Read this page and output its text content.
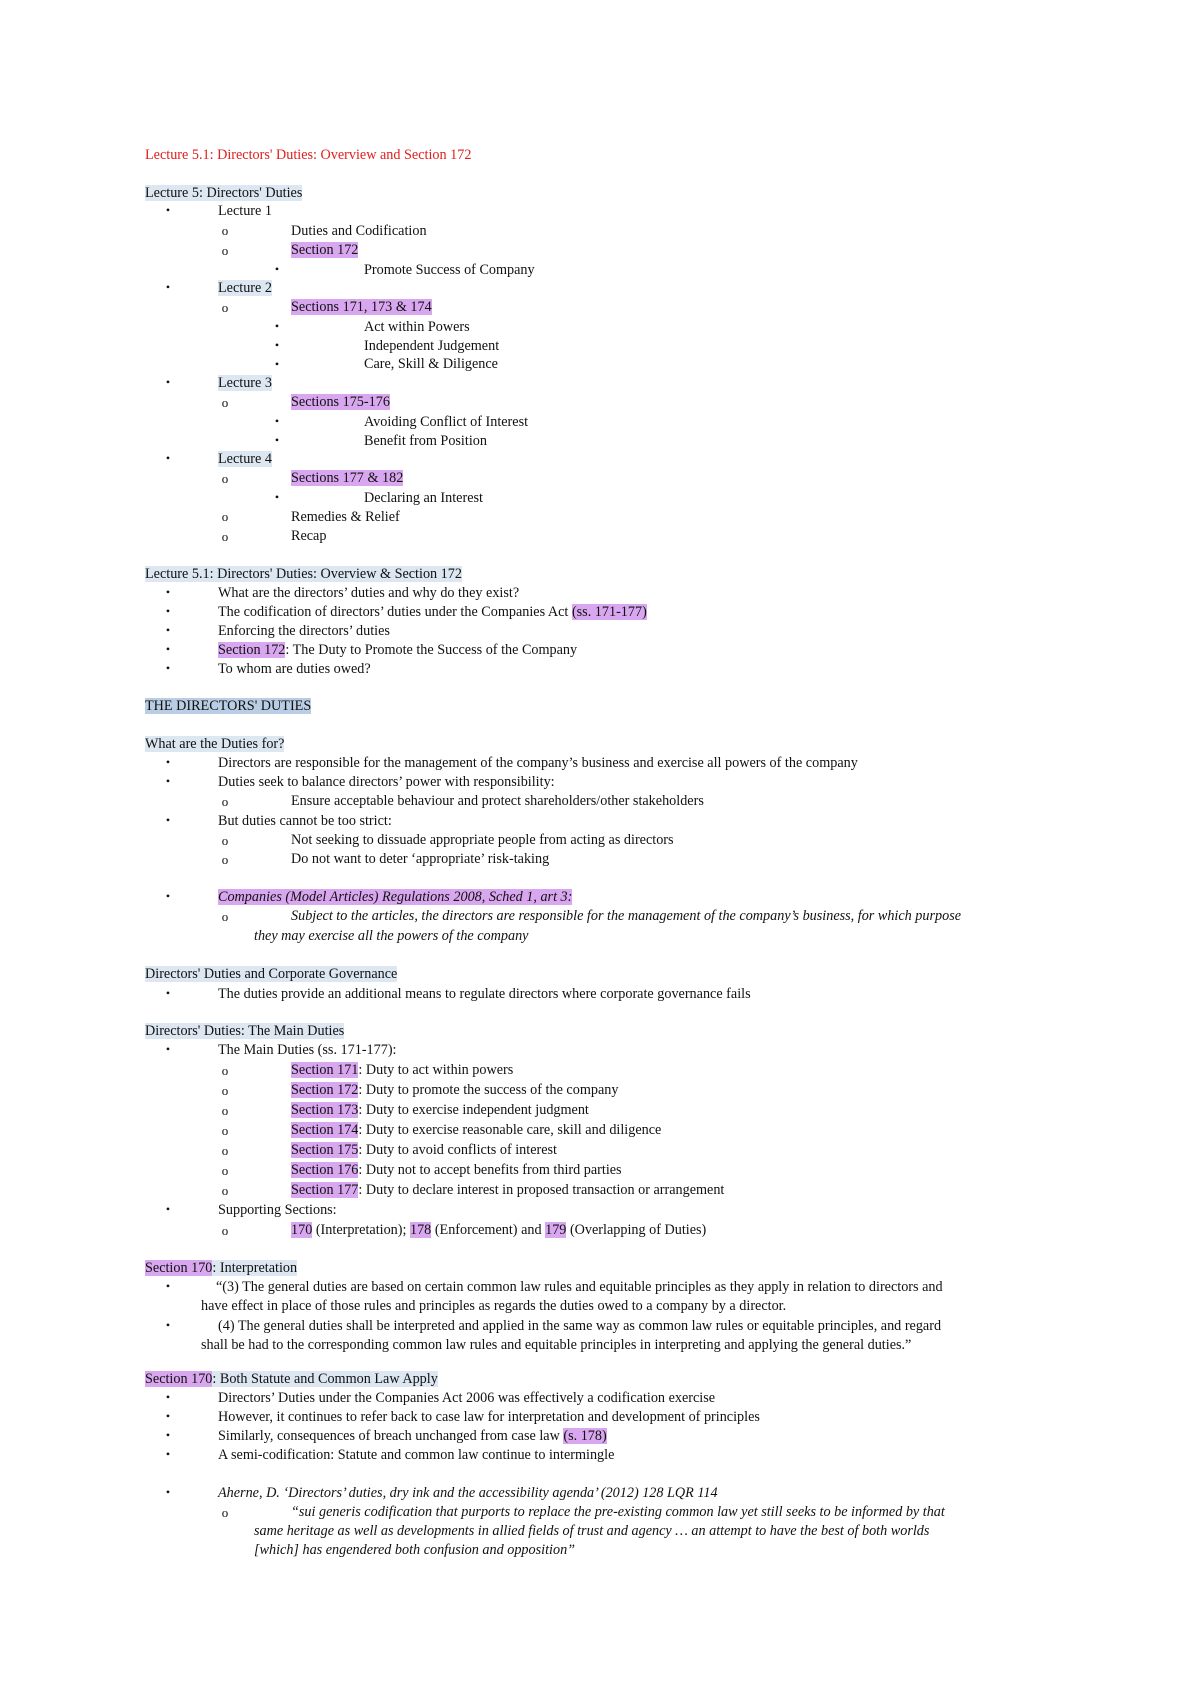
Lecture 5.1: Directors' Duties: Overview and Section 172
Lecture 5: Directors' Duties
•	Lecture 1
o	Duties and Codification
o	Section 172
•	Promote Success of Company
•	Lecture 2
o	Sections 171, 173 & 174
•	Act within Powers
•	Independent Judgement
•	Care, Skill & Diligence
•	Lecture 3
o	Sections 175-176
•	Avoiding Conflict of Interest
•	Benefit from Position
•	Lecture 4
o	Sections 177 & 182
•	Declaring an Interest
o	Remedies & Relief
o	Recap
Lecture 5.1: Directors' Duties: Overview & Section 172
•	What are the directors’ duties and why do they exist?
•	The codification of directors’ duties under the Companies Act (ss. 171-177)
•	Enforcing the directors’ duties
•	Section 172: The Duty to Promote the Success of the Company
•	To whom are duties owed?
THE DIRECTORS' DUTIES
What are the Duties for?
•	Directors are responsible for the management of the company’s business and exercise all powers of the company
•	Duties seek to balance directors’ power with responsibility:
o	Ensure acceptable behaviour and protect shareholders/other stakeholders
•	But duties cannot be too strict:
o	Not seeking to dissuade appropriate people from acting as directors
o	Do not want to deter ‘appropriate’ risk-taking
•	Companies (Model Articles) Regulations 2008, Sched 1, art 3:
o	Subject to the articles, the directors are responsible for the management of the company’s business, for which purpose
they may exercise all the powers of the company
Directors' Duties and Corporate Governance
•	The duties provide an additional means to regulate directors where corporate governance fails
Directors' Duties: The Main Duties
•	The Main Duties (ss. 171-177):
o	Section 171: Duty to act within powers
o	Section 172: Duty to promote the success of the company
o	Section 173: Duty to exercise independent judgment
o	Section 174: Duty to exercise reasonable care, skill and diligence
o	Section 175: Duty to avoid conflicts of interest
o	Section 176: Duty not to accept benefits from third parties
o	Section 177: Duty to declare interest in proposed transaction or arrangement
•	Supporting Sections:
o	170 (Interpretation); 178 (Enforcement) and 179 (Overlapping of Duties)
Section 170: Interpretation
•	“(3) The general duties are based on certain common law rules and equitable principles as they apply in relation to directors and
have effect in place of those rules and principles as regards the duties owed to a company by a director.
•	(4) The general duties shall be interpreted and applied in the same way as common law rules or equitable principles, and regard
shall be had to the corresponding common law rules and equitable principles in interpreting and applying the general duties.”
Section 170: Both Statute and Common Law Apply
•	Directors’ Duties under the Companies Act 2006 was effectively a codification exercise
•	However, it continues to refer back to case law for interpretation and development of principles
•	Similarly, consequences of breach unchanged from case law (s. 178)
•	A semi-codification: Statute and common law continue to intermingle
•	Aherne, D. ‘Directors’ duties, dry ink and the accessibility agenda’ (2012) 128 LQR 114
o	“sui generis codification that purports to replace the pre-existing common law yet still seeks to be informed by that
same heritage as well as developments in allied fields of trust and agency … an attempt to have the best of both worlds
[which] has engendered both confusion and opposition”
